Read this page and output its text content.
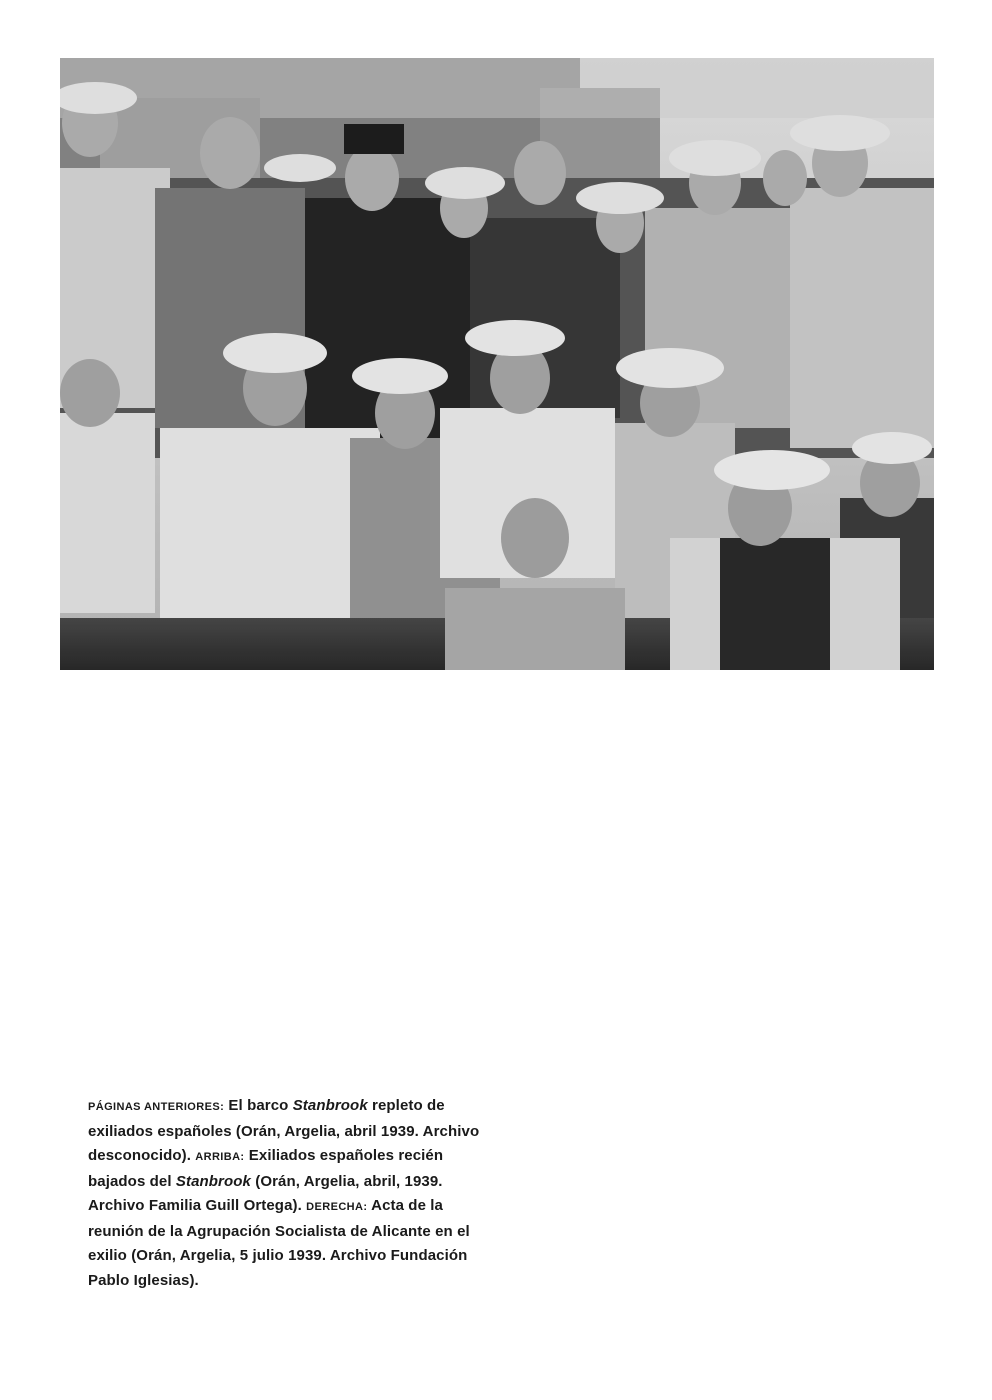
PÁGINAS ANTERIORES: El barco Stanbrook repleto de exiliados españoles (Orán, Argelia, abril 1939. Archivo desconocido). ARRIBA: Exiliados españoles recién bajados del Stanbrook (Orán, Argelia, abril, 1939. Archivo Familia Guill Ortega). DERECHA: Acta de la reunión de la Agrupación Socialista de Alicante en el exilio (Orán, Argelia, 5 julio 1939. Archivo Fundación Pablo Iglesias).
